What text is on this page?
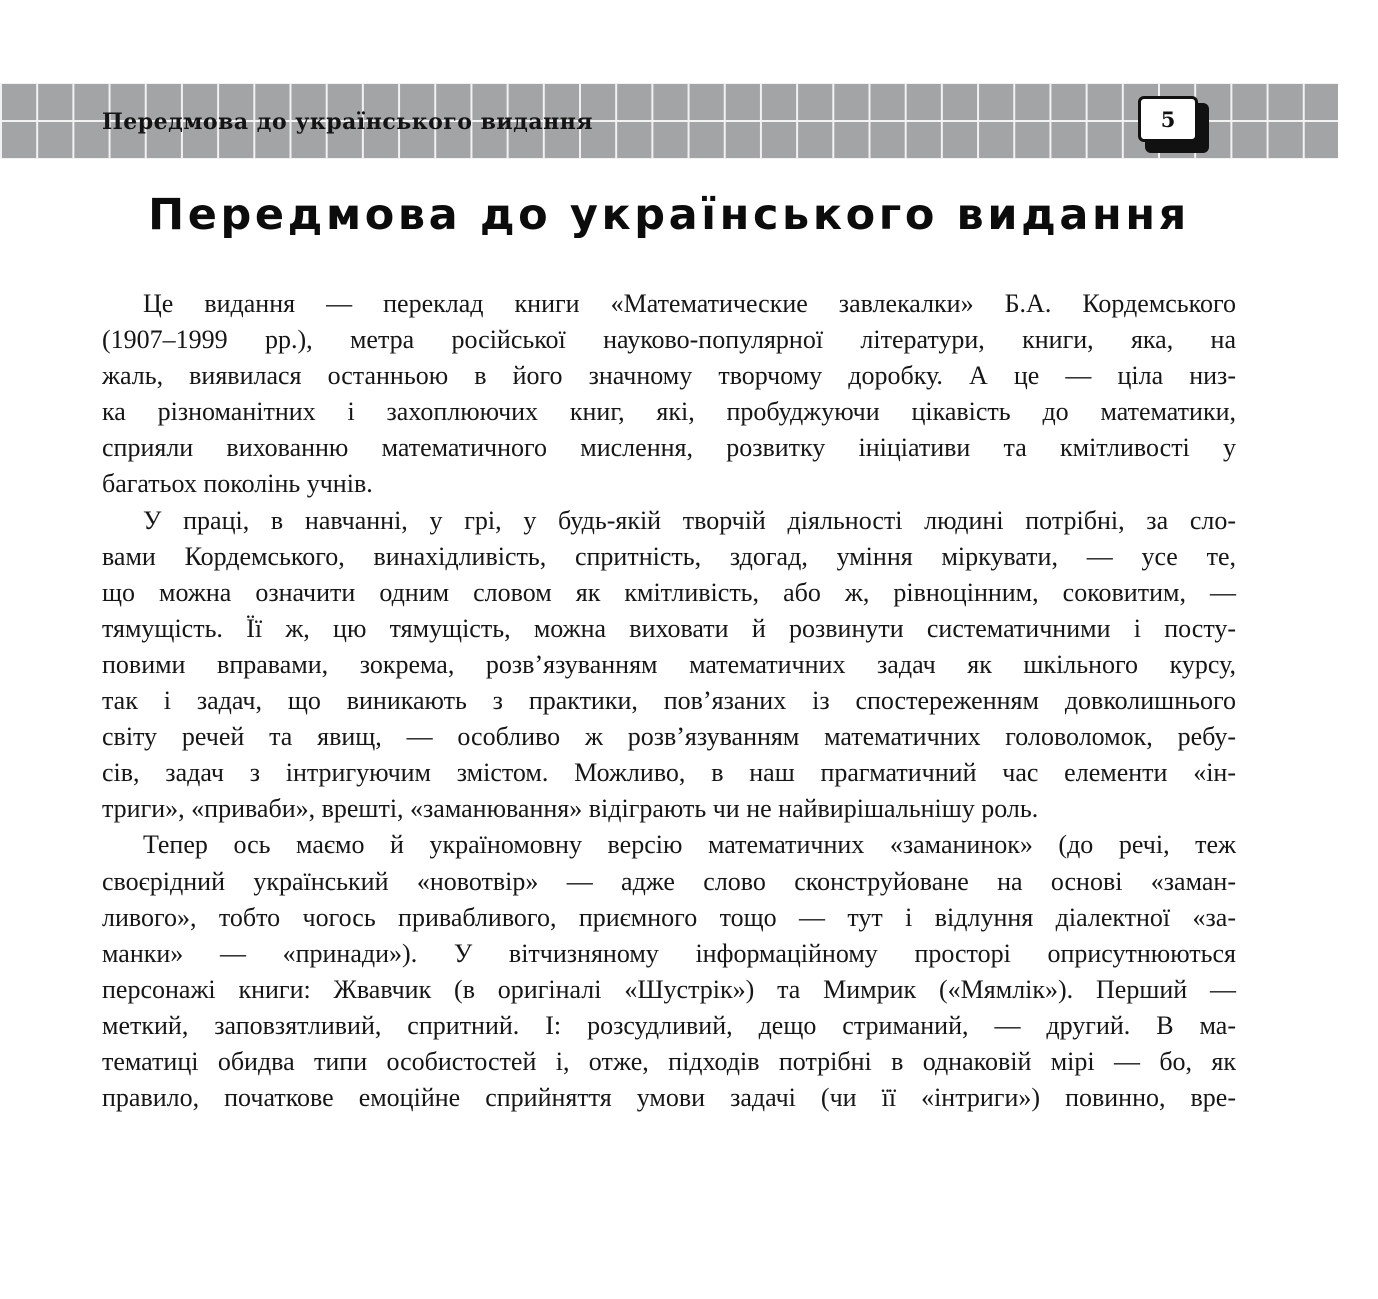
Передмова до українського видання	5
Передмова до українського видання
Це видання — переклад книги «Математические завлекалки» Б.А. Кордемського
(1907–1999 рр.), метра російської науково-популярної літератури, книги, яка, на
жаль, виявилася останньою в його значному творчому доробку. А це — ціла низ-
ка різноманітних і захоплюючих книг, які, пробуджуючи цікавість до математики,
сприяли вихованню математичного мислення, розвитку ініціативи та кмітливості у
багатьох поколінь учнів.
У праці, в навчанні, у грі, у будь-якій творчій діяльності людині потрібні, за сло-
вами Кордемського, винахідливість, спритність, здогад, уміння міркувати, — усе те,
що можна означити одним словом як кмітливість, або ж, рівноцінним, соковитим, —
тямущість. Її ж, цю тямущість, можна виховати й розвинути систематичними і посту-
повими вправами, зокрема, розв’язуванням математичних задач як шкільного курсу,
так і задач, що виникають з практики, пов’язаних із спостереженням довколишнього
світу речей та явищ, — особливо ж розв’язуванням математичних головоломок, ребу-
сів, задач з інтригуючим змістом. Можливо, в наш прагматичний час елементи «ін-
триги», «приваби», врешті, «заманювання» відіграють чи не найвирішальнішу роль.
Тепер ось маємо й україномовну версію математичних «заманинок» (до речі, теж
своєрідний український «новотвір» — адже слово сконструйоване на основі «заман-
ливого», тобто чогось привабливого, приємного тощо — тут і відлуння діалектної «за-
манки» — «принади»). У вітчизняному інформаційному просторі оприсутнюються
персонажі книги: Жвавчик (в оригіналі «Шустрік») та Мимрик («Мямлік»). Перший —
меткий, заповзятливий, спритний. І: розсудливий, дещо стриманий, — другий. В ма-
тематиці обидва типи особистостей і, отже, підходів потрібні в однаковій мірі — бо, як
правило, початкове емоційне сприйняття умови задачі (чи її «інтриги») повинно, вре-
